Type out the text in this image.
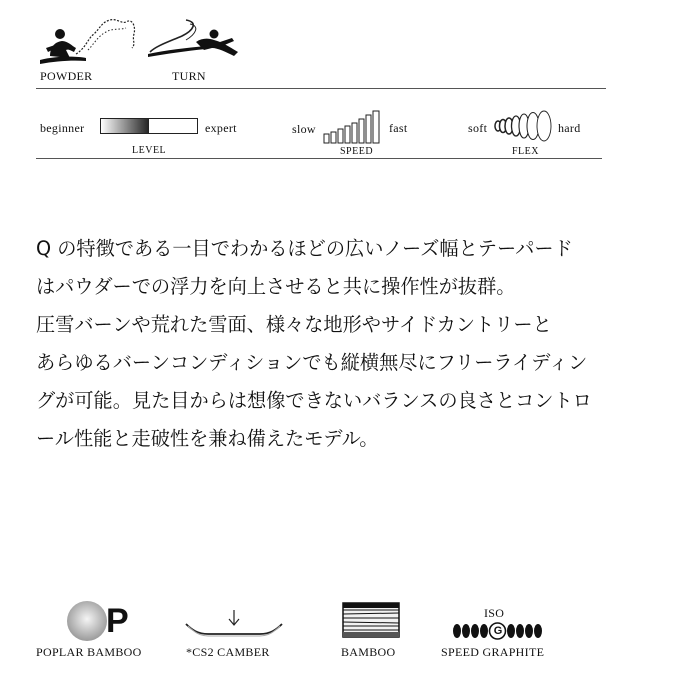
POWDER	TURN
beginner	expert
LEVEL
slow	fast
SPEED
soft	hard
FLEX

Q の特徴である一目でわかるほどの広いノーズ幅とテーパード

はパウダーでの浮力を向上させると共に操作性が抜群。

圧雪バーンや荒れた雪面、様々な地形やサイドカントリーと

あらゆるバーンコンディションでも縦横無尽にフリーライディン

グが可能。見た目からは想像できないバランスの良さとコントロ

ール性能と走破性を兼ね備えたモデル。

P
POPLAR BAMBOO	*CS2 CAMBER	BAMBOO
ISO
G
SPEED GRAPHITE
